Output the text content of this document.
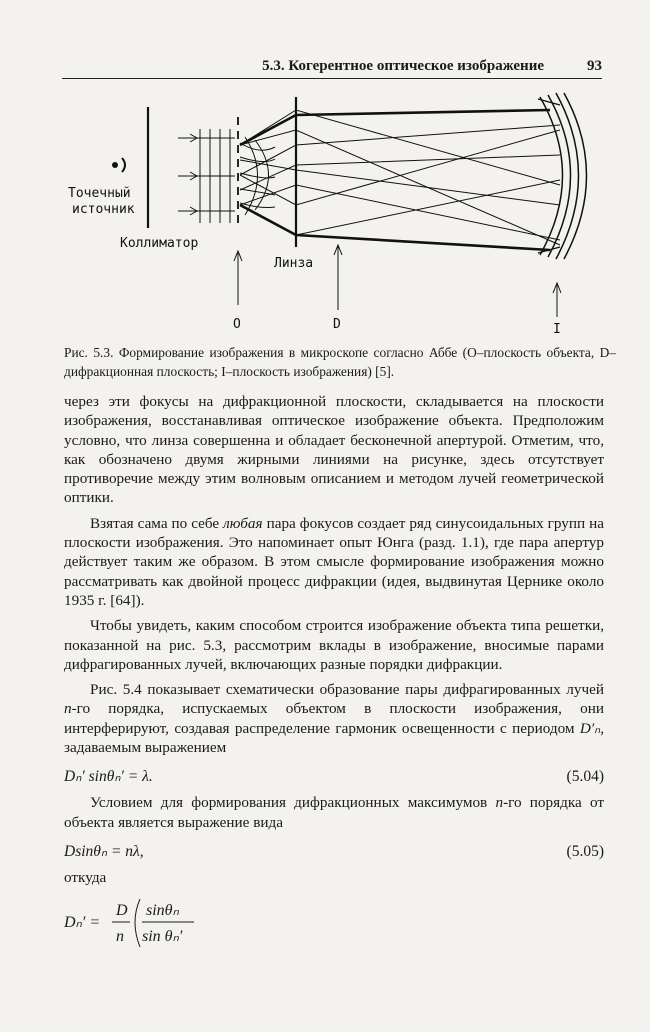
5.3. Когерентное оптическое изображение	93
Точечный
источник
Коллиматор
Линза
O	D	I
Рис. 5.3. Формирование изображения в микроскопе согласно Аббе (О–плоскость объекта, D–дифракционная плоскость; I–плоскость изображения) [5].

через эти фокусы на дифракционной плоскости, складывается на плоскости изображения, восстанавливая оптическое изображение объекта. Предположим условно, что линза совершенна и обладает бесконечной апертурой. Отметим, что, как обозначено двумя жирными линиями на рисунке, здесь отсутствует противоречие между этим волновым описанием и методом лучей геометрической оптики.

Взятая сама по себе любая пара фокусов создает ряд синусоидальных групп на плоскости изображения. Это напоминает опыт Юнга (разд. 1.1), где пара апертур действует таким же образом. В этом смысле формирование изображения можно рассматривать как двойной процесс дифракции (идея, выдвинутая Цернике около 1935 г. [64]).

Чтобы увидеть, каким способом строится изображение объекта типа решетки, показанной на рис. 5.3, рассмотрим вклады в изображение, вносимые парами дифрагированных лучей, включающих разные порядки дифракции.

Рис. 5.4 показывает схематически образование пары дифрагированных лучей n-го порядка, испускаемых объектом в плоскости изображения, они интерферируют, создавая распределение гармоник освещенности с периодом D′ₙ, задаваемым выражением

Dₙ′ sinθₙ′ = λ.	(5.04)

Условием для формирования дифракционных максимумов n-го порядка от объекта является выражение вида

Dsinθₙ = nλ,	(5.05)

откуда

Dₙ′ =
D
n
sinθₙ
sin θₙ′
